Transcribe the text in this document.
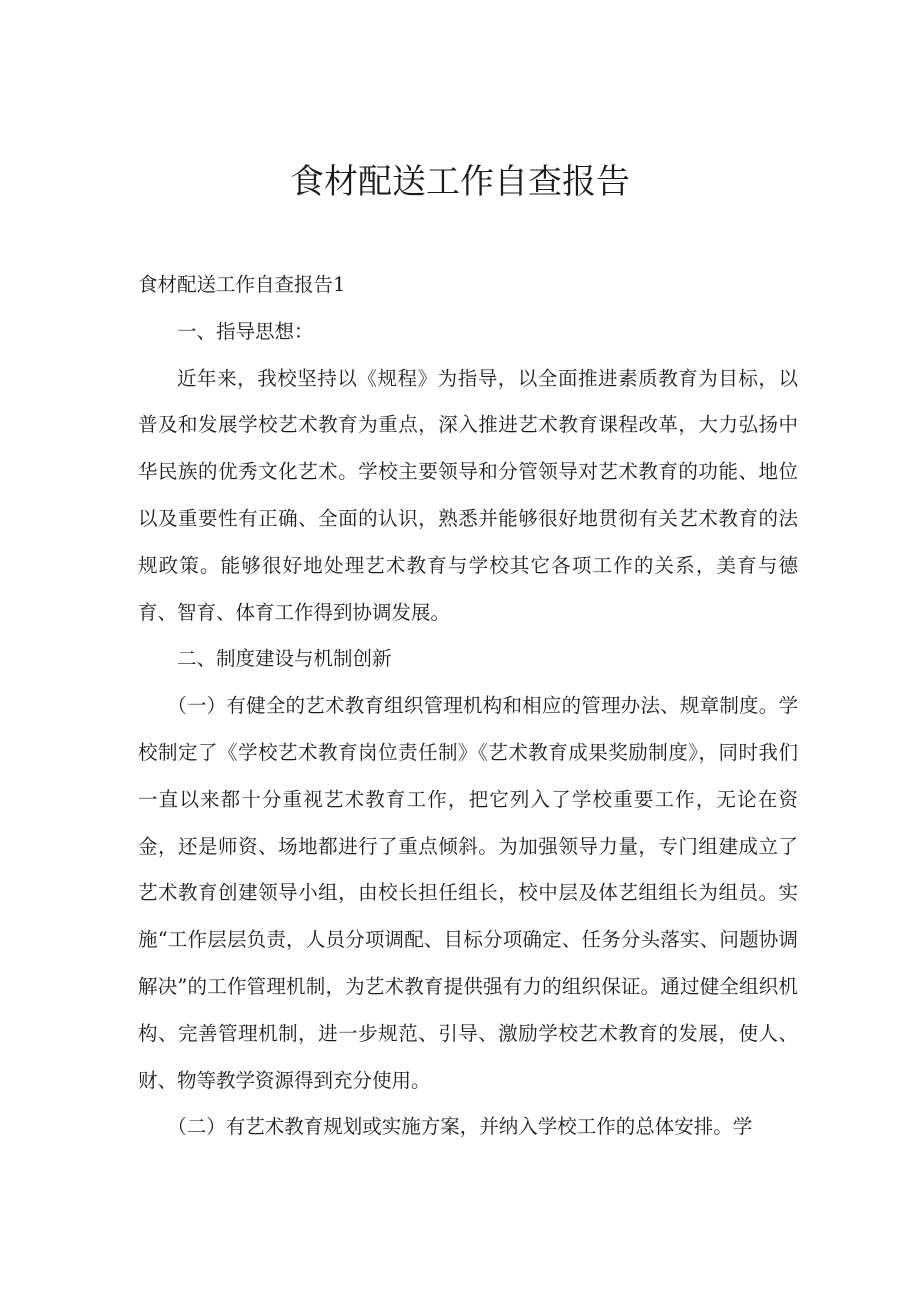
食材配送工作自查报告

食材配送工作自查报告1

一、指导思想：

近年来，我校坚持以《规程》为指导，以全面推进素质教育为目标，以普及和发展学校艺术教育为重点，深入推进艺术教育课程改革，大力弘扬中华民族的优秀文化艺术。学校主要领导和分管领导对艺术教育的功能、地位以及重要性有正确、全面的认识，熟悉并能够很好地贯彻有关艺术教育的法规政策。能够很好地处理艺术教育与学校其它各项工作的关系，美育与德育、智育、体育工作得到协调发展。

二、制度建设与机制创新

（一）有健全的艺术教育组织管理机构和相应的管理办法、规章制度。学校制定了《学校艺术教育岗位责任制》《艺术教育成果奖励制度》，同时我们一直以来都十分重视艺术教育工作，把它列入了学校重要工作，无论在资金，还是师资、场地都进行了重点倾斜。为加强领导力量，专门组建成立了艺术教育创建领导小组，由校长担任组长，校中层及体艺组组长为组员。实施“工作层层负责，人员分项调配、目标分项确定、任务分头落实、问题协调解决”的工作管理机制，为艺术教育提供强有力的组织保证。通过健全组织机构、完善管理机制，进一步规范、引导、激励学校艺术教育的发展，使人、财、物等教学资源得到充分使用。

（二）有艺术教育规划或实施方案，并纳入学校工作的总体安排。学
